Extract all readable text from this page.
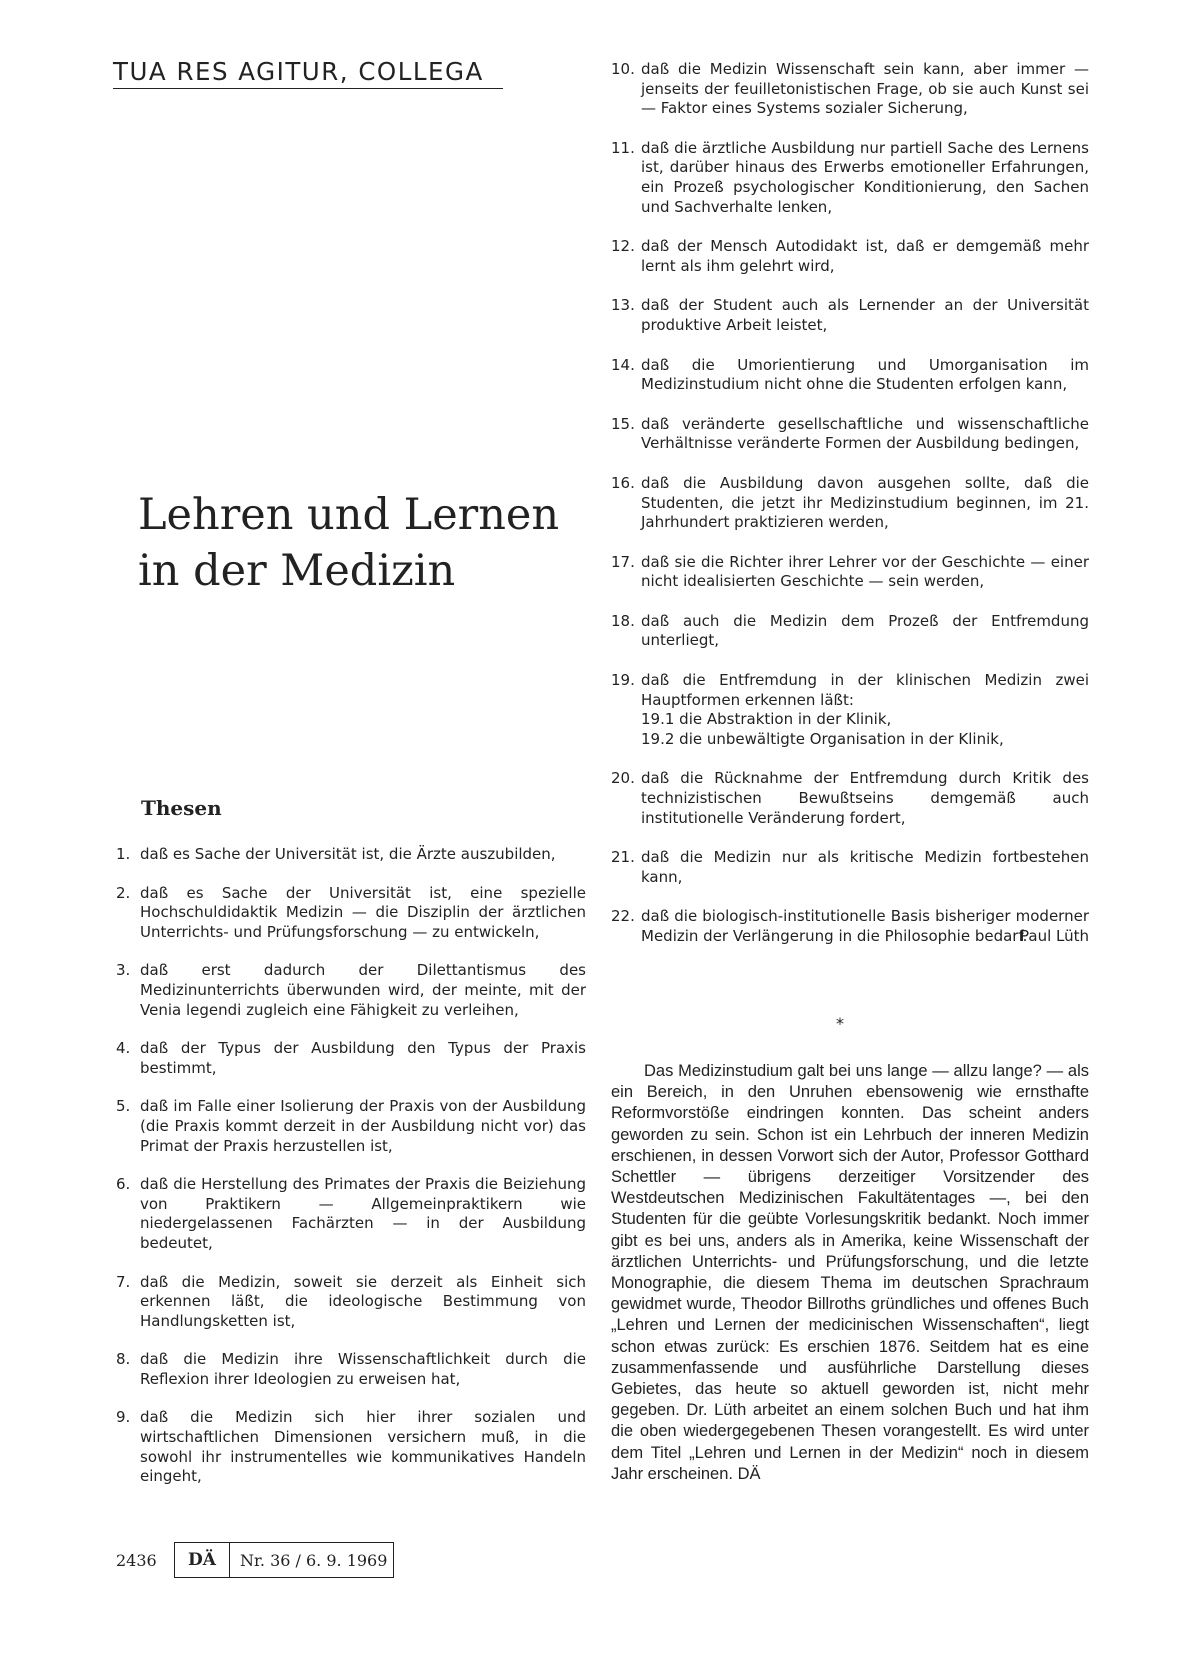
TUA RES AGITUR, COLLEGA
Lehren und Lernen
in der Medizin
Thesen
1. daß es Sache der Universität ist, die Ärzte auszubilden,
2. daß es Sache der Universität ist, eine spezielle Hochschuldidaktik Medizin — die Disziplin der ärztlichen Unterrichts- und Prüfungsforschung — zu entwickeln,
3. daß erst dadurch der Dilettantismus des Medizinunterrichts überwunden wird, der meinte, mit der Venia legendi zugleich eine Fähigkeit zu verleihen,
4. daß der Typus der Ausbildung den Typus der Praxis bestimmt,
5. daß im Falle einer Isolierung der Praxis von der Ausbildung (die Praxis kommt derzeit in der Ausbildung nicht vor) das Primat der Praxis herzustellen ist,
6. daß die Herstellung des Primates der Praxis die Beiziehung von Praktikern — Allgemeinpraktikern wie niedergelassenen Fachärzten — in der Ausbildung bedeutet,
7. daß die Medizin, soweit sie derzeit als Einheit sich erkennen läßt, die ideologische Bestimmung von Handlungsketten ist,
8. daß die Medizin ihre Wissenschaftlichkeit durch die Reflexion ihrer Ideologien zu erweisen hat,
9. daß die Medizin sich hier ihrer sozialen und wirtschaftlichen Dimensionen versichern muß, in die sowohl ihr instrumentelles wie kommunikatives Handeln eingeht,
10. daß die Medizin Wissenschaft sein kann, aber immer — jenseits der feuilletonistischen Frage, ob sie auch Kunst sei — Faktor eines Systems sozialer Sicherung,
11. daß die ärztliche Ausbildung nur partiell Sache des Lernens ist, darüber hinaus des Erwerbs emotioneller Erfahrungen, ein Prozeß psychologischer Konditionierung, den Sachen und Sachverhalte lenken,
12. daß der Mensch Autodidakt ist, daß er demgemäß mehr lernt als ihm gelehrt wird,
13. daß der Student auch als Lernender an der Universität produktive Arbeit leistet,
14. daß die Umorientierung und Umorganisation im Medizinstudium nicht ohne die Studenten erfolgen kann,
15. daß veränderte gesellschaftliche und wissenschaftliche Verhältnisse veränderte Formen der Ausbildung bedingen,
16. daß die Ausbildung davon ausgehen sollte, daß die Studenten, die jetzt ihr Medizinstudium beginnen, im 21. Jahrhundert praktizieren werden,
17. daß sie die Richter ihrer Lehrer vor der Geschichte — einer nicht idealisierten Geschichte — sein werden,
18. daß auch die Medizin dem Prozeß der Entfremdung unterliegt,
19. daß die Entfremdung in der klinischen Medizin zwei Hauptformen erkennen läßt:
19.1 die Abstraktion in der Klinik,
19.2 die unbewältigte Organisation in der Klinik,
20. daß die Rücknahme der Entfremdung durch Kritik des technizistischen Bewußtseins demgemäß auch institutionelle Veränderung fordert,
21. daß die Medizin nur als kritische Medizin fortbestehen kann,
22. daß die biologisch-institutionelle Basis bisheriger moderner Medizin der Verlängerung in die Philosophie bedarf.
Paul Lüth
*
Das Medizinstudium galt bei uns lange — allzu lange? — als ein Bereich, in den Unruhen ebensowenig wie ernsthafte Reformvorstöße eindringen konnten. Das scheint anders geworden zu sein. Schon ist ein Lehrbuch der inneren Medizin erschienen, in dessen Vorwort sich der Autor, Professor Gotthard Schettler — übrigens derzeitiger Vorsitzender des Westdeutschen Medizinischen Fakultätentages —, bei den Studenten für die geübte Vorlesungskritik bedankt. Noch immer gibt es bei uns, anders als in Amerika, keine Wissenschaft der ärztlichen Unterrichts- und Prüfungsforschung, und die letzte Monographie, die diesem Thema im deutschen Sprachraum gewidmet wurde, Theodor Billroths gründliches und offenes Buch „Lehren und Lernen der medicinischen Wissenschaften“, liegt schon etwas zurück: Es erschien 1876. Seitdem hat es eine zusammenfassende und ausführliche Darstellung dieses Gebietes, das heute so aktuell geworden ist, nicht mehr gegeben. Dr. Lüth arbeitet an einem solchen Buch und hat ihm die oben wiedergegebenen Thesen vorangestellt. Es wird unter dem Titel „Lehren und Lernen in der Medizin“ noch in diesem Jahr erscheinen. DÄ
2436	DÄ	Nr. 36 / 6. 9. 1969
